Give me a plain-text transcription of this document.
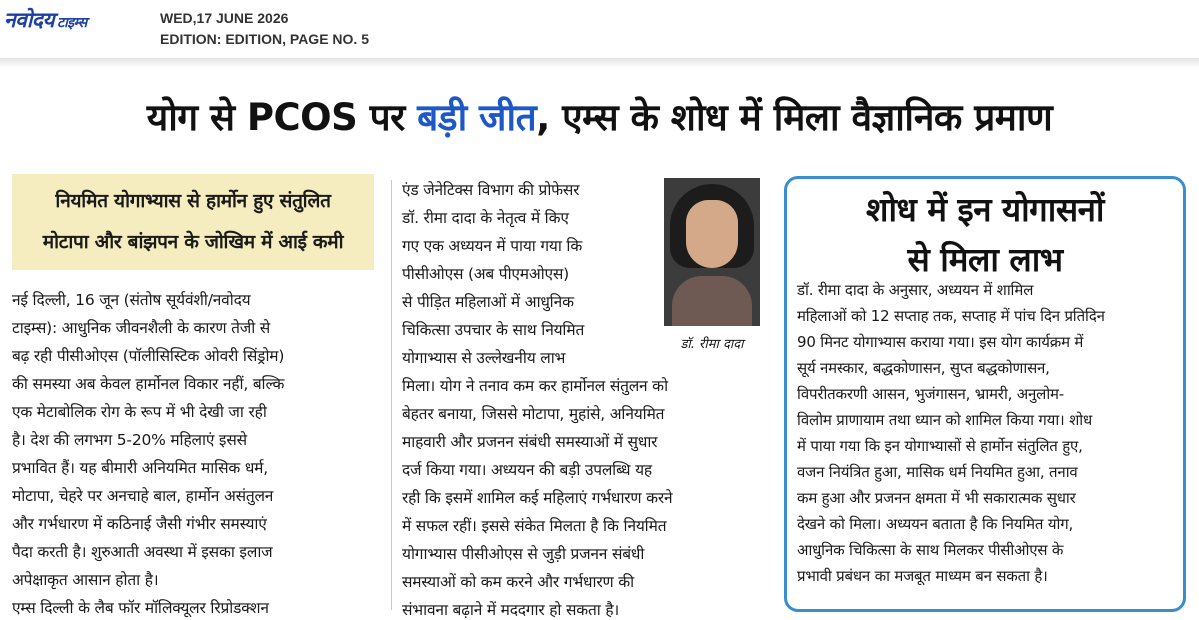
नवोदय टाइम्स	WED,17 JUNE 2026
EDITION: EDITION, PAGE NO. 5
योग से PCOS पर बड़ी जीत, एम्स के शोध में मिला वैज्ञानिक प्रमाण
नियमित योगाभ्यास से हार्मोन हुए संतुलित
मोटापा और बांझपन के जोखिम में आई कमी
नई दिल्ली, 16 जून (संतोष सूर्यवंशी/नवोदय
टाइम्स): आधुनिक जीवनशैली के कारण तेजी से
बढ़ रही पीसीओएस (पॉलीसिस्टिक ओवरी सिंड्रोम)
की समस्या अब केवल हार्मोनल विकार नहीं, बल्कि
एक मेटाबोलिक रोग के रूप में भी देखी जा रही
है। देश की लगभग 5-20% महिलाएं इससे
प्रभावित हैं। यह बीमारी अनियमित मासिक धर्म,
मोटापा, चेहरे पर अनचाहे बाल, हार्मोन असंतुलन
और गर्भधारण में कठिनाई जैसी गंभीर समस्याएं
पैदा करती है। शुरुआती अवस्था में इसका इलाज
अपेक्षाकृत आसान होता है।
एम्स दिल्ली के लैब फॉर मॉलिक्यूलर रिप्रोडक्शन
एंड जेनेटिक्स विभाग की प्रोफेसर
डॉ. रीमा दादा के नेतृत्व में किए
गए एक अध्ययन में पाया गया कि
पीसीओएस (अब पीएमओएस)
से पीड़ित महिलाओं में आधुनिक
चिकित्सा उपचार के साथ नियमित
योगाभ्यास से उल्लेखनीय लाभ
डॉ. रीमा दादा
मिला। योग ने तनाव कम कर हार्मोनल संतुलन को
बेहतर बनाया, जिससे मोटापा, मुहांसे, अनियमित
माहवारी और प्रजनन संबंधी समस्याओं में सुधार
दर्ज किया गया। अध्ययन की बड़ी उपलब्धि यह
रही कि इसमें शामिल कई महिलाएं गर्भधारण करने
में सफल रहीं। इससे संकेत मिलता है कि नियमित
योगाभ्यास पीसीओएस से जुड़ी प्रजनन संबंधी
समस्याओं को कम करने और गर्भधारण की
संभावना बढ़ाने में मददगार हो सकता है।
शोध में इन योगासनों
से मिला लाभ
डॉ. रीमा दादा के अनुसार, अध्ययन में शामिल
महिलाओं को 12 सप्ताह तक, सप्ताह में पांच दिन प्रतिदिन
90 मिनट योगाभ्यास कराया गया। इस योग कार्यक्रम में
सूर्य नमस्कार, बद्धकोणासन, सुप्त बद्धकोणासन,
विपरीतकरणी आसन, भुजंगासन, भ्रामरी, अनुलोम-
विलोम प्राणायाम तथा ध्यान को शामिल किया गया। शोध
में पाया गया कि इन योगाभ्यासों से हार्मोन संतुलित हुए,
वजन नियंत्रित हुआ, मासिक धर्म नियमित हुआ, तनाव
कम हुआ और प्रजनन क्षमता में भी सकारात्मक सुधार
देखने को मिला। अध्ययन बताता है कि नियमित योग,
आधुनिक चिकित्सा के साथ मिलकर पीसीओएस के
प्रभावी प्रबंधन का मजबूत माध्यम बन सकता है।
